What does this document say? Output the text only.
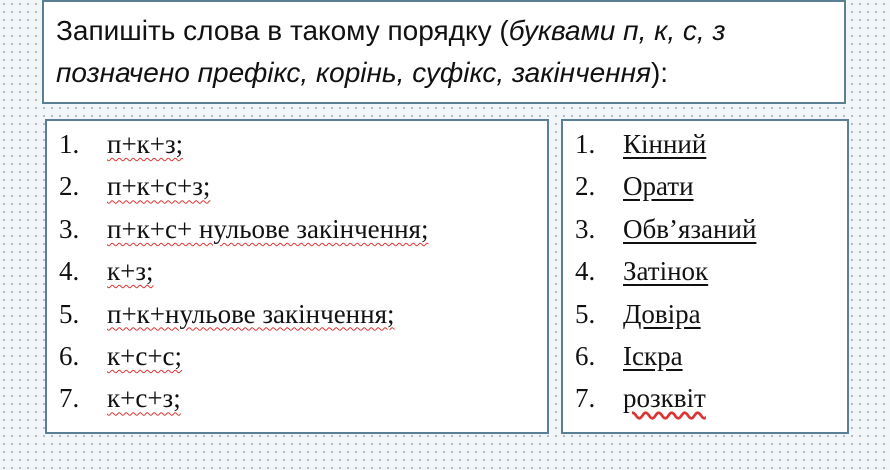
Запишіть слова в такому порядку (буквами п, к, с, з позначено префікс, корінь, суфікс, закінчення):

1. п+к+з;
2. п+к+с+з;
3. п+к+с+ нульове закінчення;
4. к+з;
5. п+к+нульове закінчення;
6. к+с+с;
7. к+с+з;
1. Кінний
2. Орати
3. Обв’язаний
4. Затінок
5. Довіра
6. Іскра
7. розквіт
